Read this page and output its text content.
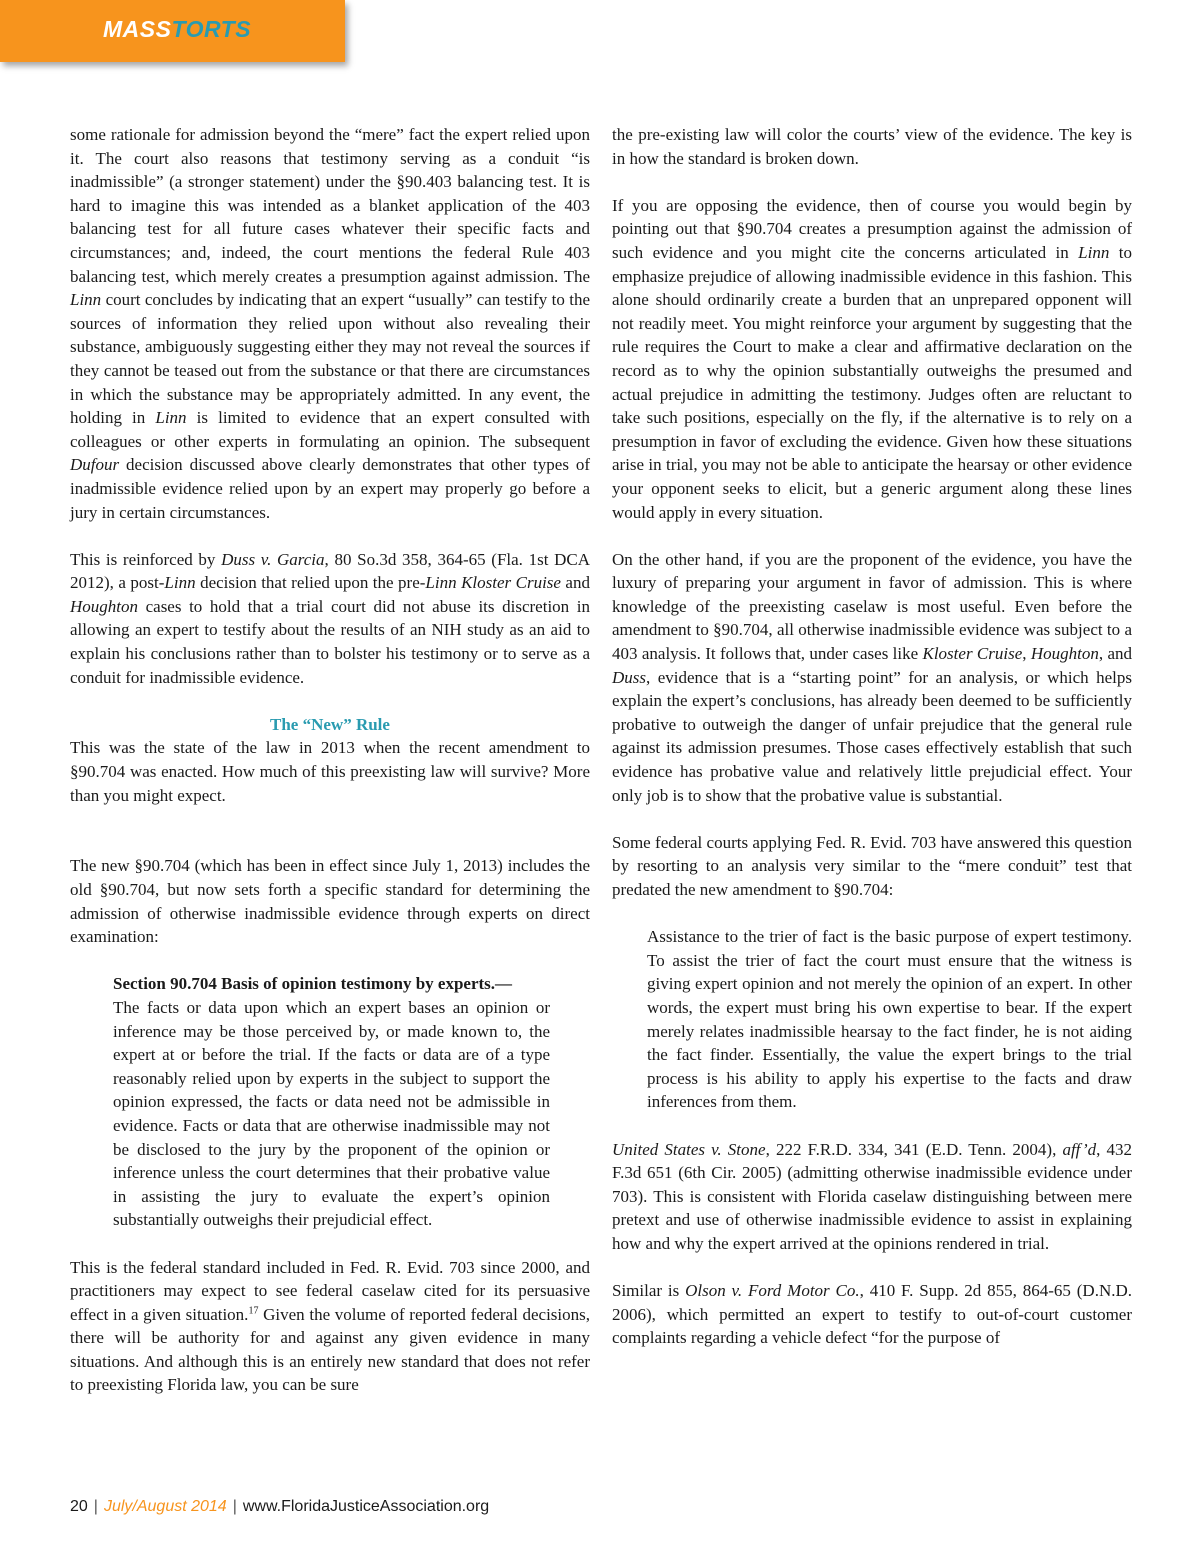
MASSTORTS

some rationale for admission beyond the “mere” fact the expert relied upon it. The court also reasons that testimony serving as a conduit “is inadmissible” (a stronger statement) under the §90.403 balancing test. It is hard to imagine this was intended as a blanket application of the 403 balancing test for all future cases whatever their specific facts and circumstances; and, indeed, the court mentions the federal Rule 403 balancing test, which merely creates a presumption against admission. The Linn court concludes by indicating that an expert “usually” can testify to the sources of information they relied upon without also revealing their substance, ambiguously suggesting either they may not reveal the sources if they cannot be teased out from the substance or that there are circumstances in which the substance may be appropriately admitted. In any event, the holding in Linn is limited to evidence that an expert consulted with colleagues or other experts in formulating an opinion. The subsequent Dufour decision discussed above clearly demonstrates that other types of inadmissible evidence relied upon by an expert may properly go before a jury in certain circumstances.

This is reinforced by Duss v. Garcia, 80 So.3d 358, 364-65 (Fla. 1st DCA 2012), a post-Linn decision that relied upon the pre-Linn Kloster Cruise and Houghton cases to hold that a trial court did not abuse its discretion in allowing an expert to testify about the results of an NIH study as an aid to explain his conclusions rather than to bolster his testimony or to serve as a conduit for inadmissible evidence.

The “New” Rule

This was the state of the law in 2013 when the recent amendment to §90.704 was enacted. How much of this preexisting law will survive? More than you might expect.

The new §90.704 (which has been in effect since July 1, 2013) includes the old §90.704, but now sets forth a specific standard for determining the admission of otherwise inadmissible evidence through experts on direct examination:

Section 90.704 Basis of opinion testimony by experts.—
The facts or data upon which an expert bases an opinion or inference may be those perceived by, or made known to, the expert at or before the trial. If the facts or data are of a type reasonably relied upon by experts in the subject to support the opinion expressed, the facts or data need not be admissible in evidence. Facts or data that are otherwise inadmissible may not be disclosed to the jury by the proponent of the opinion or inference unless the court determines that their probative value in assisting the jury to evaluate the expert’s opinion substantially outweighs their prejudicial effect.

This is the federal standard included in Fed. R. Evid. 703 since 2000, and practitioners may expect to see federal caselaw cited for its persuasive effect in a given situation.$^{17}$ Given the volume of reported federal decisions, there will be authority for and against any given evidence in many situations. And although this is an entirely new standard that does not refer to preexisting Florida law, you can be sure

the pre-existing law will color the courts’ view of the evidence. The key is in how the standard is broken down.

If you are opposing the evidence, then of course you would begin by pointing out that §90.704 creates a presumption against the admission of such evidence and you might cite the concerns articulated in Linn to emphasize prejudice of allowing inadmissible evidence in this fashion. This alone should ordinarily create a burden that an unprepared opponent will not readily meet. You might reinforce your argument by suggesting that the rule requires the Court to make a clear and affirmative declaration on the record as to why the opinion substantially outweighs the presumed and actual prejudice in admitting the testimony. Judges often are reluctant to take such positions, especially on the fly, if the alternative is to rely on a presumption in favor of excluding the evidence. Given how these situations arise in trial, you may not be able to anticipate the hearsay or other evidence your opponent seeks to elicit, but a generic argument along these lines would apply in every situation.

On the other hand, if you are the proponent of the evidence, you have the luxury of preparing your argument in favor of admission. This is where knowledge of the preexisting caselaw is most useful. Even before the amendment to §90.704, all otherwise inadmissible evidence was subject to a 403 analysis. It follows that, under cases like Kloster Cruise, Houghton, and Duss, evidence that is a “starting point” for an analysis, or which helps explain the expert’s conclusions, has already been deemed to be sufficiently probative to outweigh the danger of unfair prejudice that the general rule against its admission presumes. Those cases effectively establish that such evidence has probative value and relatively little prejudicial effect. Your only job is to show that the probative value is substantial.

Some federal courts applying Fed. R. Evid. 703 have answered this question by resorting to an analysis very similar to the “mere conduit” test that predated the new amendment to §90.704:

Assistance to the trier of fact is the basic purpose of expert testimony. To assist the trier of fact the court must ensure that the witness is giving expert opinion and not merely the opinion of an expert. In other words, the expert must bring his own expertise to bear. If the expert merely relates inadmissible hearsay to the fact finder, he is not aiding the fact finder. Essentially, the value the expert brings to the trial process is his ability to apply his expertise to the facts and draw inferences from them.

United States v. Stone, 222 F.R.D. 334, 341 (E.D. Tenn. 2004), aff’d, 432 F.3d 651 (6th Cir. 2005) (admitting otherwise inadmissible evidence under 703). This is consistent with Florida caselaw distinguishing between mere pretext and use of otherwise inadmissible evidence to assist in explaining how and why the expert arrived at the opinions rendered in trial.

Similar is Olson v. Ford Motor Co., 410 F. Supp. 2d 855, 864-65 (D.N.D. 2006), which permitted an expert to testify to out-of-court customer complaints regarding a vehicle defect “for the purpose of

20 | July/August 2014 | www.FloridaJusticeAssociation.org
